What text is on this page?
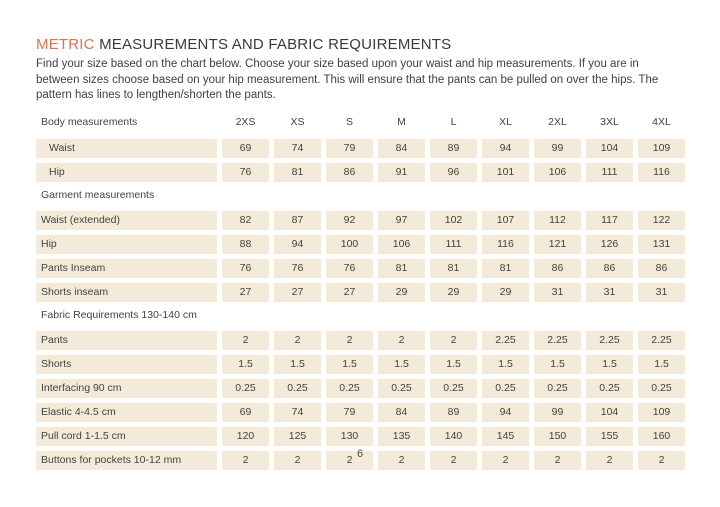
METRIC MEASUREMENTS AND FABRIC REQUIREMENTS

Find your size based on the chart below. Choose your size based upon your waist and hip measurements. If you are in between sizes choose based on your hip measurement. This will ensure that the pants can be pulled on over the hips. The pattern has lines to lengthen/shorten the pants.

Body measurements	2XS	XS	S	M	L	XL	2XL	3XL	4XL
Waist	69	74	79	84	89	94	99	104	109
Hip	76	81	86	91	96	101	106	111	116
Garment measurements
Waist (extended)	82	87	92	97	102	107	112	117	122
Hip	88	94	100	106	111	116	121	126	131
Pants Inseam	76	76	76	81	81	81	86	86	86
Shorts inseam	27	27	27	29	29	29	31	31	31
Fabric Requirements 130-140 cm
Pants	2	2	2	2	2	2.25	2.25	2.25	2.25
Shorts	1.5	1.5	1.5	1.5	1.5	1.5	1.5	1.5	1.5
Interfacing 90 cm	0.25	0.25	0.25	0.25	0.25	0.25	0.25	0.25	0.25
Elastic 4-4.5 cm	69	74	79	84	89	94	99	104	109
Pull cord 1-1.5 cm	120	125	130	135	140	145	150	155	160
Buttons for pockets 10-12 mm	2	2	2	2	2	2	2	2	2
6
